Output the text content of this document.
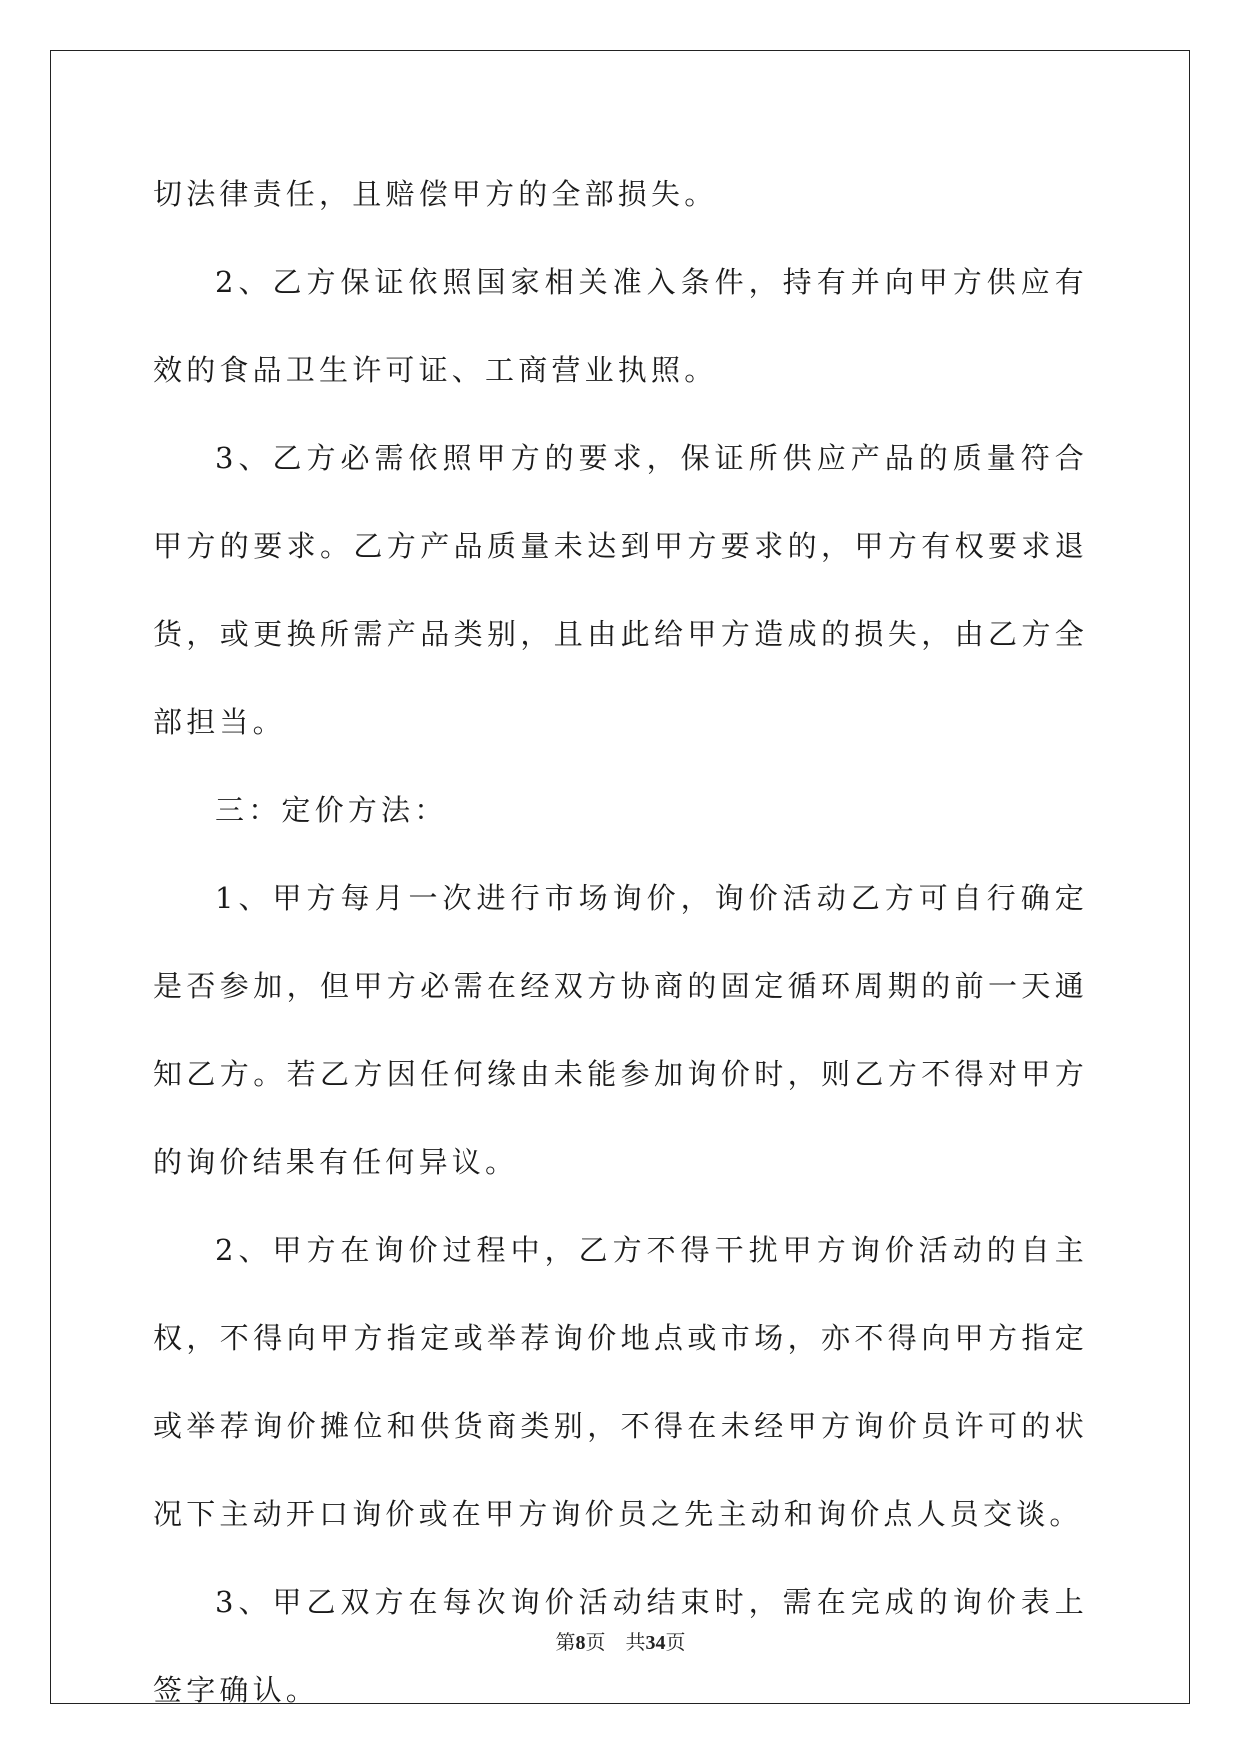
切法律责任，且赔偿甲方的全部损失。

2、乙方保证依照国家相关准入条件，持有并向甲方供应有效的食品卫生许可证、工商营业执照。

3、乙方必需依照甲方的要求，保证所供应产品的质量符合甲方的要求。乙方产品质量未达到甲方要求的，甲方有权要求退货，或更换所需产品类别，且由此给甲方造成的损失，由乙方全部担当。

三：定价方法：

1、甲方每月一次进行市场询价，询价活动乙方可自行确定是否参加，但甲方必需在经双方协商的固定循环周期的前一天通知乙方。若乙方因任何缘由未能参加询价时，则乙方不得对甲方的询价结果有任何异议。

2、甲方在询价过程中，乙方不得干扰甲方询价活动的自主权，不得向甲方指定或举荐询价地点或市场，亦不得向甲方指定或举荐询价摊位和供货商类别，不得在未经甲方询价员许可的状况下主动开口询价或在甲方询价员之先主动和询价点人员交谈。

3、甲乙双方在每次询价活动结束时，需在完成的询价表上签字确认。

第8页 共34页
